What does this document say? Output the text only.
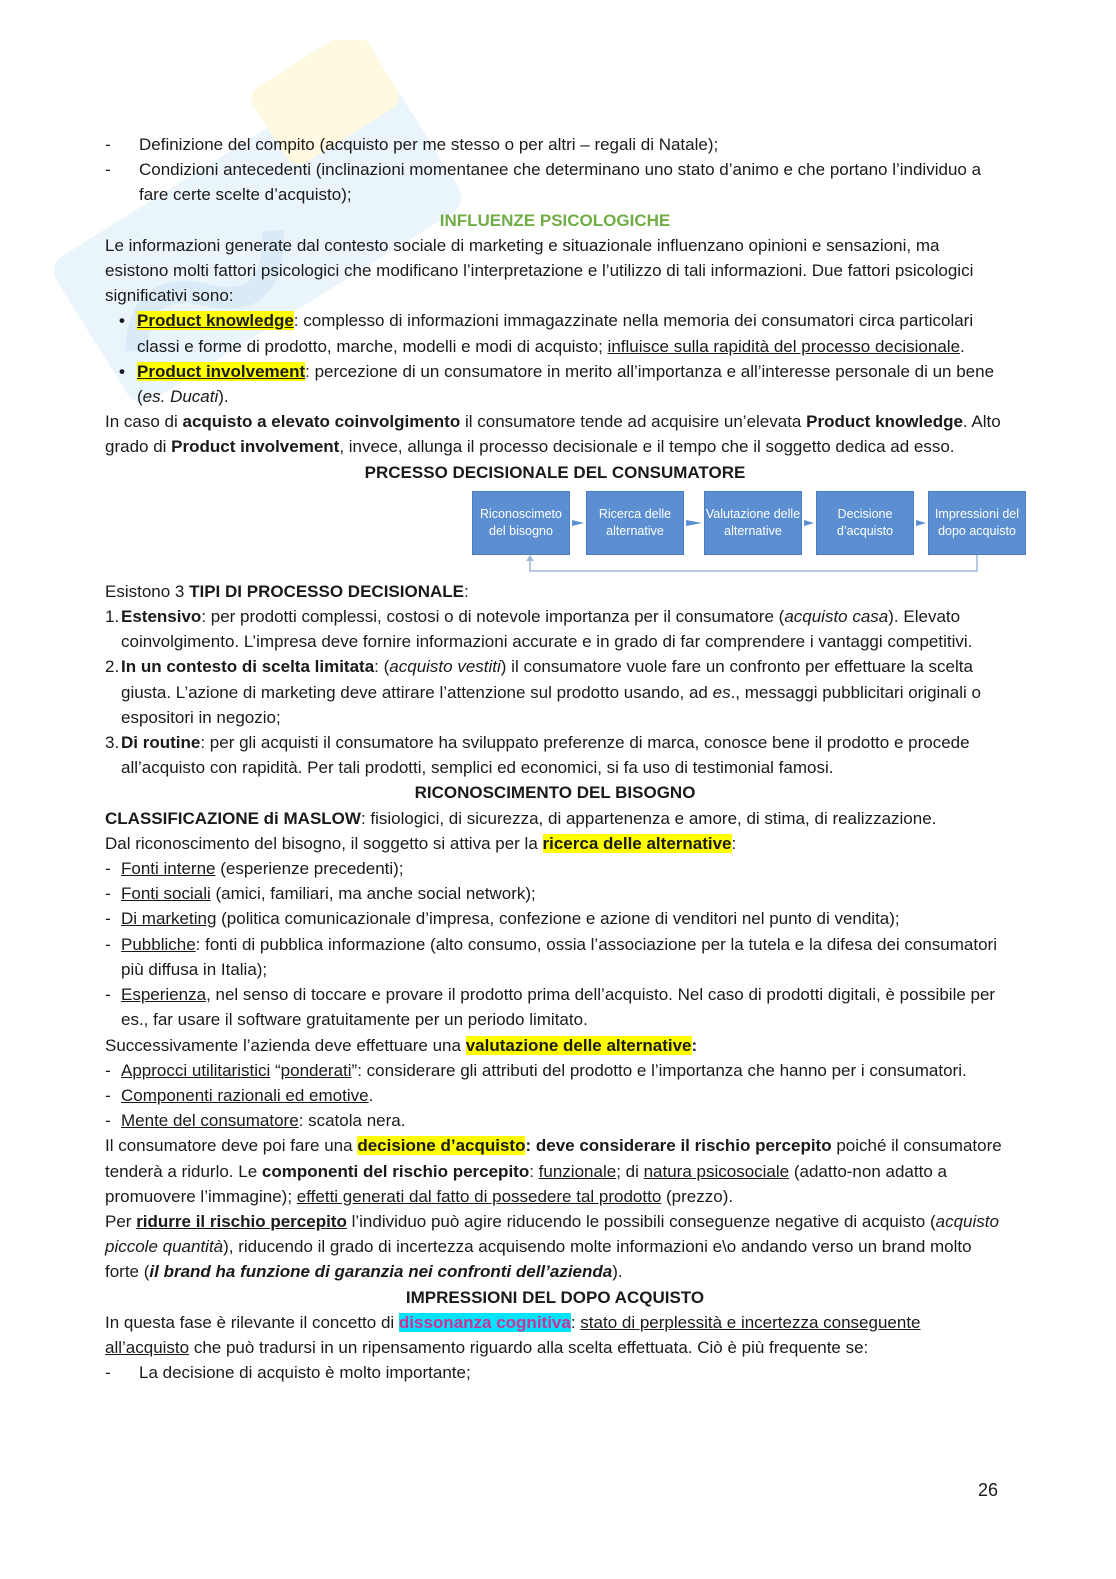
- Definizione del compito (acquisto per me stesso o per altri – regali di Natale);

- Condizioni antecedenti (inclinazioni momentanee che determinano uno stato d’animo e che portano l’individuo a fare certe scelte d’acquisto);

INFLUENZE PSICOLOGICHE

Le informazioni generate dal contesto sociale di marketing e situazionale influenzano opinioni e sensazioni, ma esistono molti fattori psicologici che modificano l’interpretazione e l’utilizzo di tali informazioni. Due fattori psicologici significativi sono:

• Product knowledge: complesso di informazioni immagazzinate nella memoria dei consumatori circa particolari classi e forme di prodotto, marche, modelli e modi di acquisto; influisce sulla rapidità del processo decisionale.

• Product involvement: percezione di un consumatore in merito all’importanza e all’interesse personale di un bene (es. Ducati).

In caso di acquisto a elevato coinvolgimento il consumatore tende ad acquisire un’elevata Product knowledge. Alto grado di Product involvement, invece, allunga il processo decisionale e il tempo che il soggetto dedica ad esso.

PRCESSO DECISIONALE DEL CONSUMATORE

Riconoscimeto del bisogno
Ricerca delle alternative
Valutazione delle alternative
Decisione d’acquisto
Impressioni del dopo acquisto

Esistono 3 TIPI DI PROCESSO DECISIONALE:

1. Estensivo: per prodotti complessi, costosi o di notevole importanza per il consumatore (acquisto casa). Elevato coinvolgimento. L’impresa deve fornire informazioni accurate e in grado di far comprendere i vantaggi competitivi.

2. In un contesto di scelta limitata: (acquisto vestiti) il consumatore vuole fare un confronto per effettuare la scelta giusta. L’azione di marketing deve attirare l’attenzione sul prodotto usando, ad es., messaggi pubblicitari originali o espositori in negozio;

3. Di routine: per gli acquisti il consumatore ha sviluppato preferenze di marca, conosce bene il prodotto e procede all’acquisto con rapidità. Per tali prodotti, semplici ed economici, si fa uso di testimonial famosi.

RICONOSCIMENTO DEL BISOGNO

CLASSIFICAZIONE di MASLOW: fisiologici, di sicurezza, di appartenenza e amore, di stima, di realizzazione.

Dal riconoscimento del bisogno, il soggetto si attiva per la ricerca delle alternative:

- Fonti interne (esperienze precedenti);

- Fonti sociali (amici, familiari, ma anche social network);

- Di marketing (politica comunicazionale d’impresa, confezione e azione di venditori nel punto di vendita);

- Pubbliche: fonti di pubblica informazione (alto consumo, ossia l’associazione per la tutela e la difesa dei consumatori più diffusa in Italia);

- Esperienza, nel senso di toccare e provare il prodotto prima dell’acquisto. Nel caso di prodotti digitali, è possibile per es., far usare il software gratuitamente per un periodo limitato.

Successivamente l’azienda deve effettuare una valutazione delle alternative:

- Approcci utilitaristici “ponderati”: considerare gli attributi del prodotto e l’importanza che hanno per i consumatori.

- Componenti razionali ed emotive.

- Mente del consumatore: scatola nera.

Il consumatore deve poi fare una decisione d’acquisto: deve considerare il rischio percepito poiché il consumatore tenderà a ridurlo. Le componenti del rischio percepito: funzionale; di natura psicosociale (adatto-non adatto a promuovere l’immagine); effetti generati dal fatto di possedere tal prodotto (prezzo).

Per ridurre il rischio percepito l’individuo può agire riducendo le possibili conseguenze negative di acquisto (acquisto piccole quantità), riducendo il grado di incertezza acquisendo molte informazioni e\o andando verso un brand molto forte (il brand ha funzione di garanzia nei confronti dell’azienda).

IMPRESSIONI DEL DOPO ACQUISTO

In questa fase è rilevante il concetto di dissonanza cognitiva: stato di perplessità e incertezza conseguente all’acquisto che può tradursi in un ripensamento riguardo alla scelta effettuata. Ciò è più frequente se:

- La decisione di acquisto è molto importante;

26
